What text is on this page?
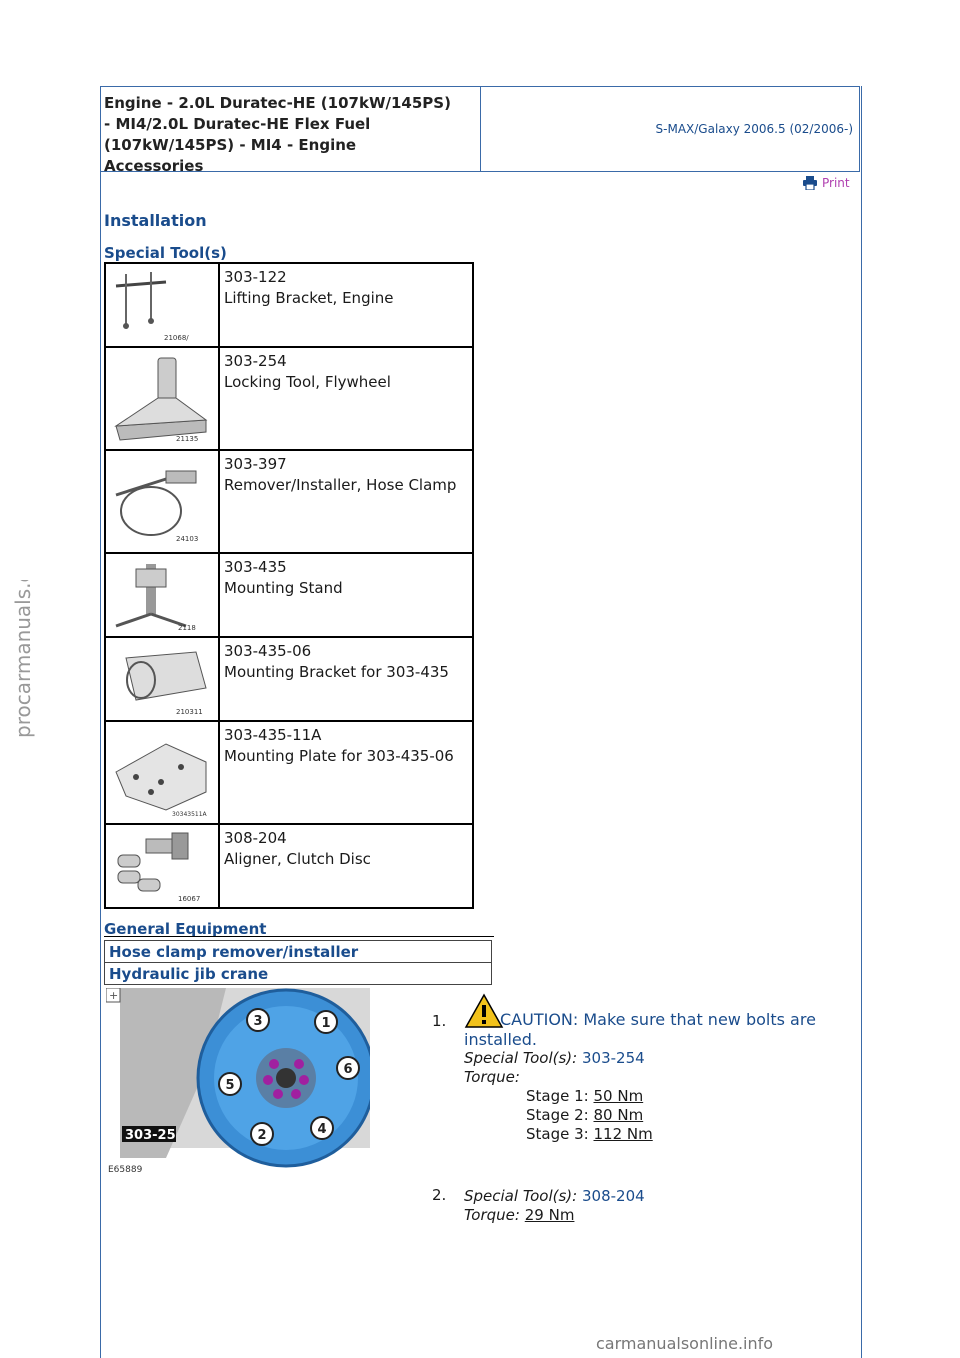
Engine - 2.0L Duratec-HE (107kW/145PS)
- MI4/2.0L Duratec-HE Flex Fuel
(107kW/145PS) - MI4 - Engine
Accessories
S-MAX/Galaxy 2006.5 (02/2006-)
Print
Installation
Special Tool(s)
21068/	303-122
Lifting Bracket, Engine

21135	303-254
Locking Tool, Flywheel

24103	303-397
Remover/Installer, Hose Clamp

2118	303-435
Mounting Stand

210311	303-435-06
Mounting Bracket for 303-435

30343511A	303-435-11A
Mounting Plate for 303-435-06

16067	308-204
Aligner, Clutch Disc
General Equipment
Hose clamp remover/installer
Hydraulic jib crane
3	1
6
5
2	4
+
303-25
E65889
1.	CAUTION: Make sure that new bolts are
installed.
Special Tool(s): 303-254
Torque:
Stage 1: 50 Nm
Stage 2: 80 Nm
Stage 3: 112 Nm
2. Special Tool(s): 308-204
Torque: 29 Nm
procarmanuals.com
carmanualsonline.info
